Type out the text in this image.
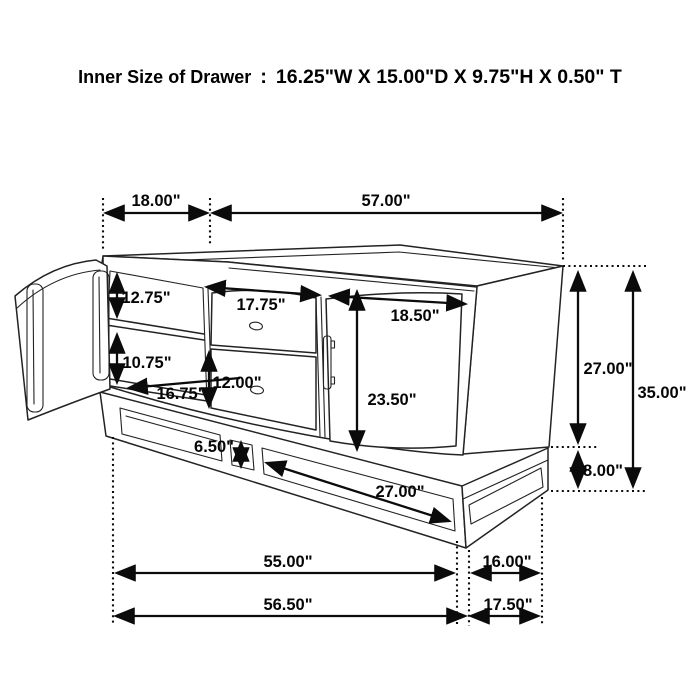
Inner Size of Drawer : 16.25"W X 15.00"D X 9.75"H X 0.50" T
18.00"	57.00"
12.75"
10.75"
16.75"
17.75"
12.00"
18.50"
23.50"
27.00"
35.00"
8.00"
6.50"
27.00"
55.00"	16.00"
56.50"	17.50"
